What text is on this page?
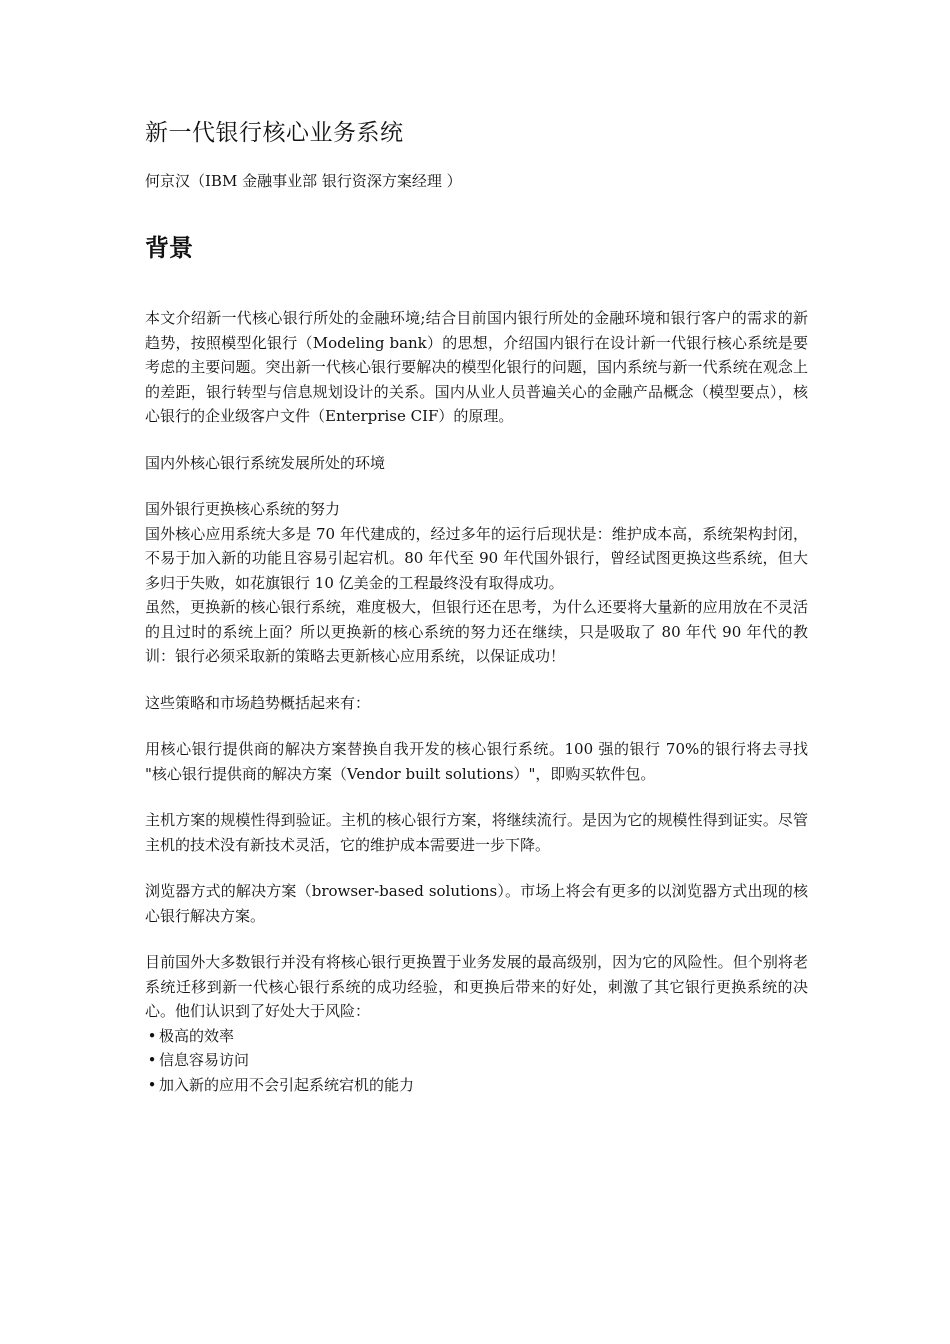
新一代银行核心业务系统
何京汉（IBM 金融事业部 银行资深方案经理 ）
背景

本文介绍新一代核心银行所处的金融环境;结合目前国内银行所处的金融环境和银行客户的需求的新趋势，按照模型化银行（Modeling bank）的思想，介绍国内银行在设计新一代银行核心系统是要考虑的主要问题。突出新一代核心银行要解决的模型化银行的问题，国内系统与新一代系统在观念上的差距，银行转型与信息规划设计的关系。国内从业人员普遍关心的金融产品概念（模型要点），核心银行的企业级客户文件（Enterprise CIF）的原理。

国内外核心银行系统发展所处的环境

国外银行更换核心系统的努力

国外核心应用系统大多是 70 年代建成的，经过多年的运行后现状是：维护成本高，系统架构封闭，不易于加入新的功能且容易引起宕机。80 年代至 90 年代国外银行，曾经试图更换这些系统，但大多归于失败，如花旗银行 10 亿美金的工程最终没有取得成功。

虽然，更换新的核心银行系统，难度极大，但银行还在思考，为什么还要将大量新的应用放在不灵活的且过时的系统上面？所以更换新的核心系统的努力还在继续，只是吸取了 80 年代 90 年代的教训：银行必须采取新的策略去更新核心应用系统，以保证成功！

这些策略和市场趋势概括起来有：

用核心银行提供商的解决方案替换自我开发的核心银行系统。100 强的银行 70%的银行将去寻找 "核心银行提供商的解决方案（Vendor built solutions）"，即购买软件包。

主机方案的规模性得到验证。主机的核心银行方案，将继续流行。是因为它的规模性得到证实。尽管主机的技术没有新技术灵活，它的维护成本需要进一步下降。

浏览器方式的解决方案（browser-based solutions）。市场上将会有更多的以浏览器方式出现的核心银行解决方案。

目前国外大多数银行并没有将核心银行更换置于业务发展的最高级别，因为它的风险性。但个别将老系统迁移到新一代核心银行系统的成功经验，和更换后带来的好处，刺激了其它银行更换系统的决心。他们认识到了好处大于风险：

• 极高的效率
• 信息容易访问
• 加入新的应用不会引起系统宕机的能力
